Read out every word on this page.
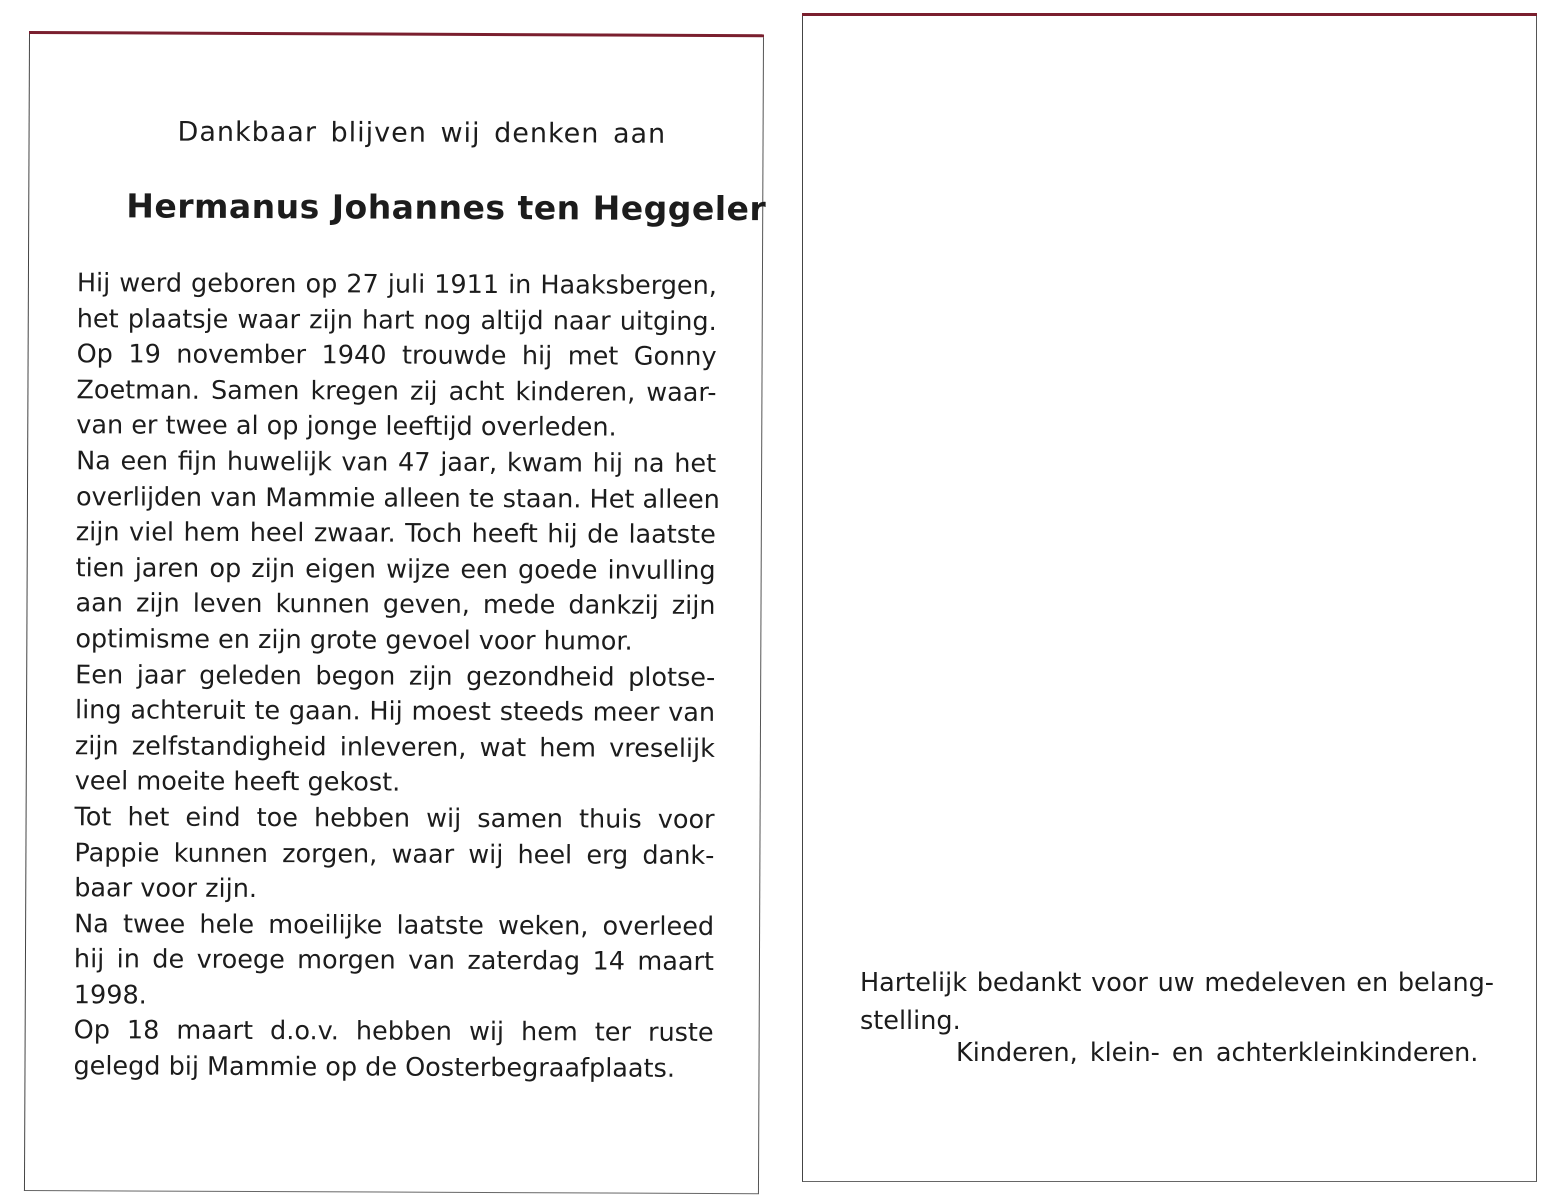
Dankbaar blijven wij denken aan
Hermanus Johannes ten Heggeler
Hij werd geboren op 27 juli 1911 in Haaksbergen,
het plaatsje waar zijn hart nog altijd naar uitging.
Op 19 november 1940 trouwde hij met Gonny
Zoetman. Samen kregen zij acht kinderen, waar-
van er twee al op jonge leeftijd overleden.
Na een fijn huwelijk van 47 jaar, kwam hij na het
overlijden van Mammie alleen te staan. Het alleen
zijn viel hem heel zwaar. Toch heeft hij de laatste
tien jaren op zijn eigen wijze een goede invulling
aan zijn leven kunnen geven, mede dankzij zijn
optimisme en zijn grote gevoel voor humor.
Een jaar geleden begon zijn gezondheid plotse-
ling achteruit te gaan. Hij moest steeds meer van
zijn zelfstandigheid inleveren, wat hem vreselijk
veel moeite heeft gekost.
Tot het eind toe hebben wij samen thuis voor
Pappie kunnen zorgen, waar wij heel erg dank-
baar voor zijn.
Na twee hele moeilijke laatste weken, overleed
hij in de vroege morgen van zaterdag 14 maart
1998.
Op 18 maart d.o.v. hebben wij hem ter ruste
gelegd bij Mammie op de Oosterbegraafplaats.
Hartelijk bedankt voor uw medeleven en belang-
stelling.
Kinderen, klein- en achterkleinkinderen.
